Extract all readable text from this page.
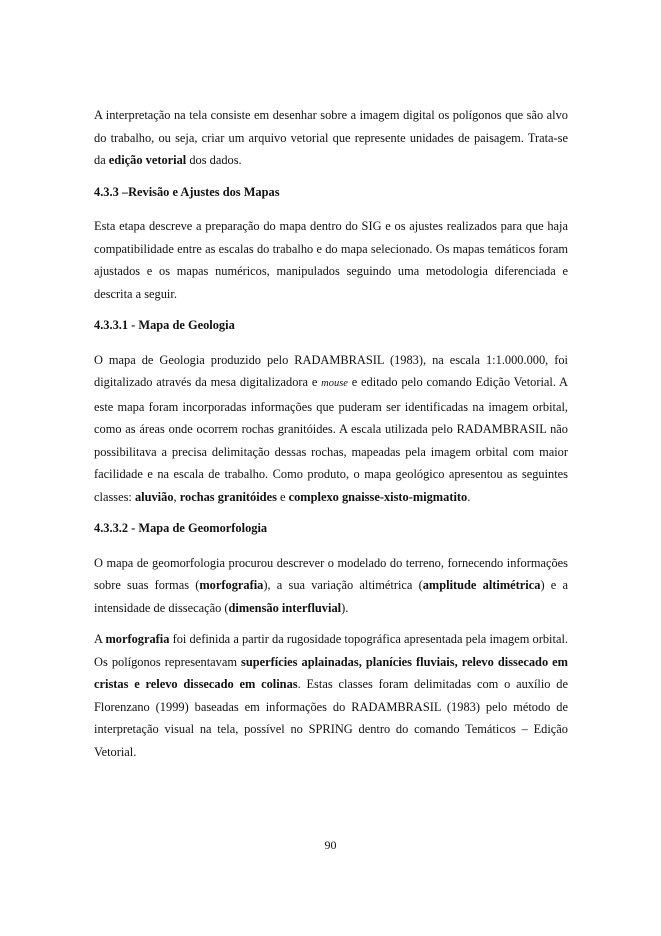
A interpretação na tela consiste em desenhar sobre a imagem digital os polígonos que são alvo do trabalho, ou seja, criar um arquivo vetorial que represente unidades de paisagem. Trata-se da edição vetorial dos dados.

4.3.3 –Revisão e Ajustes dos Mapas

Esta etapa descreve a preparação do mapa dentro do SIG e os ajustes realizados para que haja compatibilidade entre as escalas do trabalho e do mapa selecionado. Os mapas temáticos foram ajustados e os mapas numéricos, manipulados seguindo uma metodologia diferenciada e descrita a seguir.

4.3.3.1 - Mapa de Geologia

O mapa de Geologia produzido pelo RADAMBRASIL (1983), na escala 1:1.000.000, foi digitalizado através da mesa digitalizadora e mouse e editado pelo comando Edição Vetorial. A este mapa foram incorporadas informações que puderam ser identificadas na imagem orbital, como as áreas onde ocorrem rochas granitóides. A escala utilizada pelo RADAMBRASIL não possibilitava a precisa delimitação dessas rochas, mapeadas pela imagem orbital com maior facilidade e na escala de trabalho. Como produto, o mapa geológico apresentou as seguintes classes: aluvião, rochas granitóides e complexo gnaisse-xisto-migmatito.

4.3.3.2 - Mapa de Geomorfologia

O mapa de geomorfologia procurou descrever o modelado do terreno, fornecendo informações sobre suas formas (morfografia), a sua variação altimétrica (amplitude altimétrica) e a intensidade de dissecação (dimensão interfluvial).

A morfografia foi definida a partir da rugosidade topográfica apresentada pela imagem orbital. Os polígonos representavam superfícies aplainadas, planícies fluviais, relevo dissecado em cristas e relevo dissecado em colinas. Estas classes foram delimitadas com o auxílio de Florenzano (1999) baseadas em informações do RADAMBRASIL (1983) pelo método de interpretação visual na tela, possível no SPRING dentro do comando Temáticos – Edição Vetorial.

90
